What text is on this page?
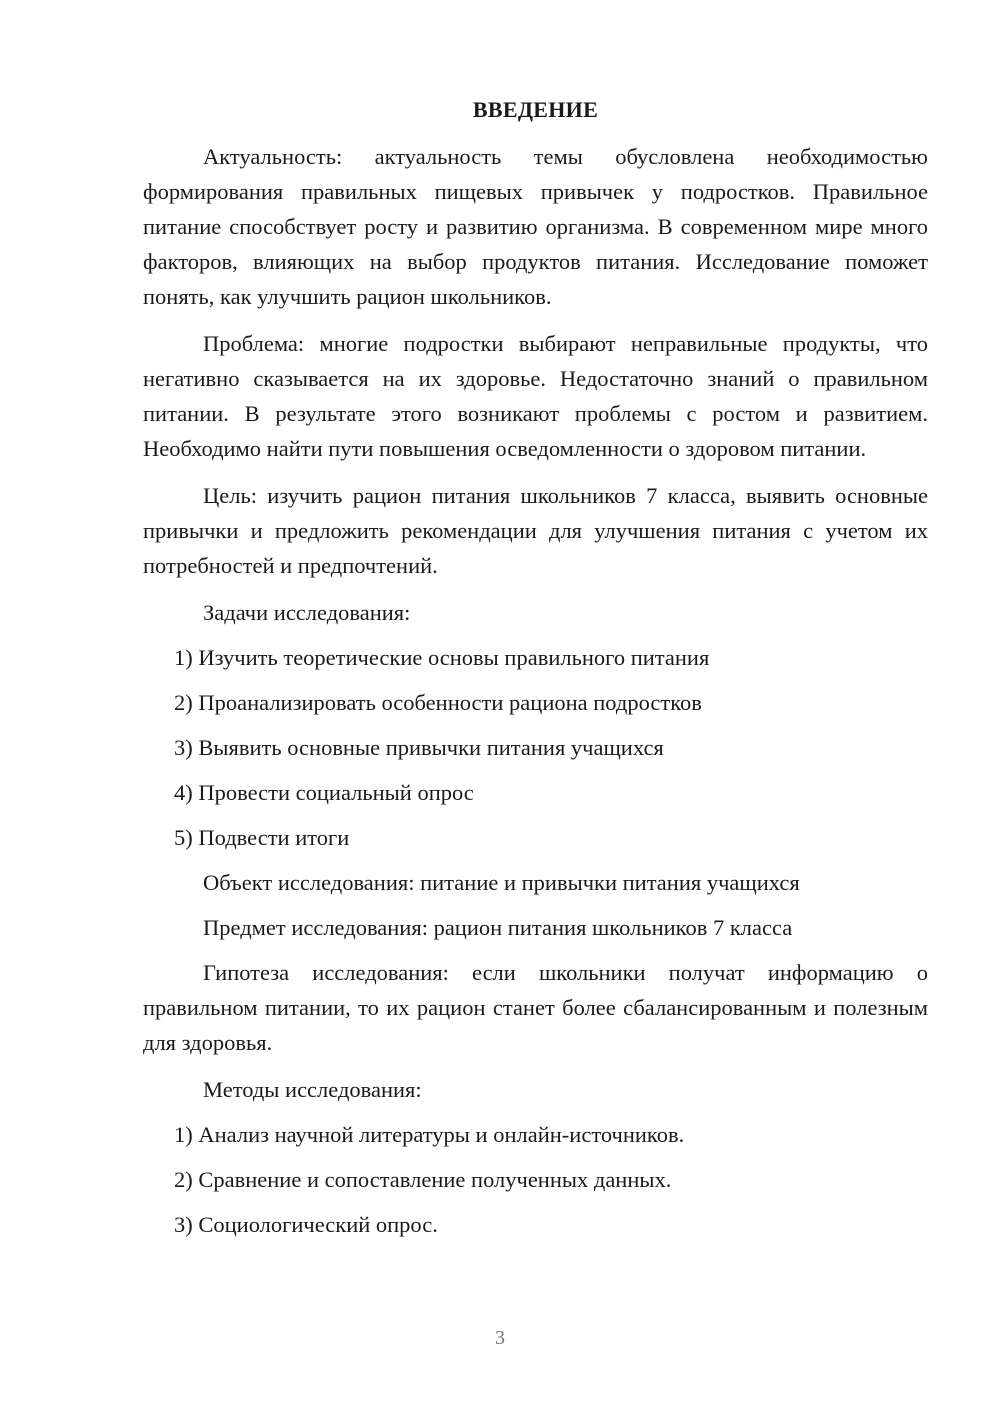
ВВЕДЕНИЕ

Актуальность: актуальность темы обусловлена необходимостью формирования правильных пищевых привычек у подростков. Правильное питание способствует росту и развитию организма. В современном мире много факторов, влияющих на выбор продуктов питания. Исследование поможет понять, как улучшить рацион школьников.

Проблема: многие подростки выбирают неправильные продукты, что негативно сказывается на их здоровье. Недостаточно знаний о правильном питании. В результате этого возникают проблемы с ростом и развитием. Необходимо найти пути повышения осведомленности о здоровом питании.

Цель: изучить рацион питания школьников 7 класса, выявить основные привычки и предложить рекомендации для улучшения питания с учетом их потребностей и предпочтений.

Задачи исследования:
1) Изучить теоретические основы правильного питания
2) Проанализировать особенности рациона подростков
3) Выявить основные привычки питания учащихся
4) Провести социальный опрос
5) Подвести итоги
Объект исследования: питание и привычки питания учащихся
Предмет исследования: рацион питания школьников 7 класса

Гипотеза исследования: если школьники получат информацию о правильном питании, то их рацион станет более сбалансированным и полезным для здоровья.

Методы исследования:
1) Анализ научной литературы и онлайн-источников.
2) Сравнение и сопоставление полученных данных.
3) Социологический опрос.
3
